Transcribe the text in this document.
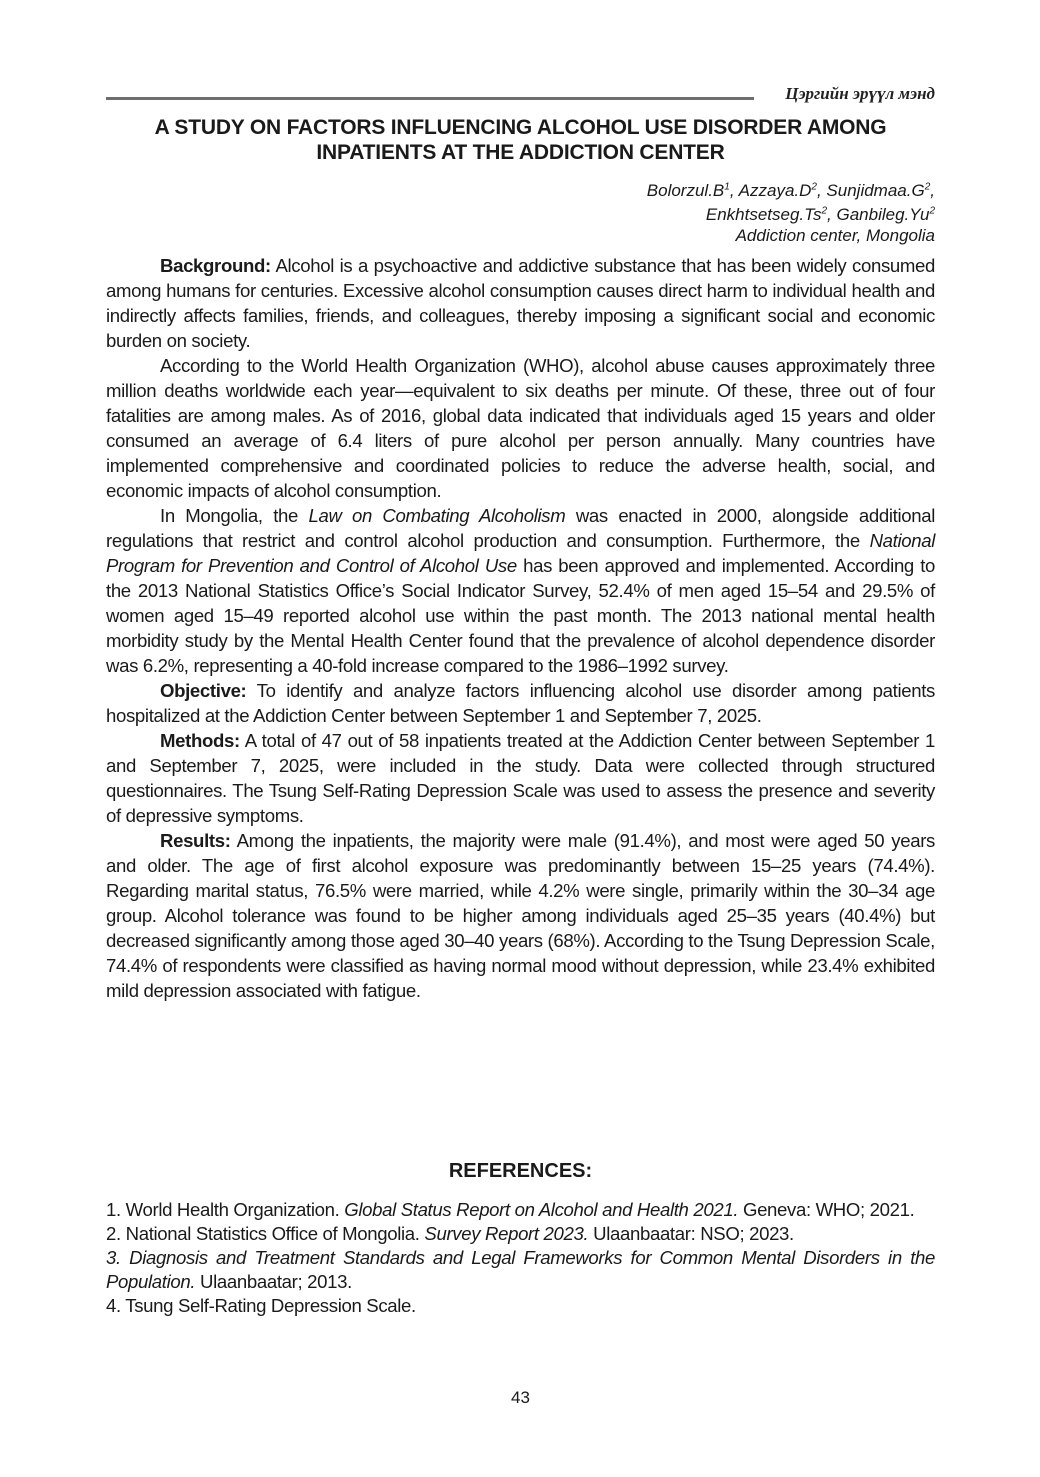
Цэргийн эрүүл мэнд
A STUDY ON FACTORS INFLUENCING ALCOHOL USE DISORDER AMONG INPATIENTS AT THE ADDICTION CENTER
$Bolorzul.B^1$, $Azzaya.D^2$, $Sunjidmaa.G^2$,
Enkhtsetseg.Ts$^2$, Ganbileg.Yu$^2$
Addiction center, Mongolia

Background: Alcohol is a psychoactive and addictive substance that has been widely consumed among humans for centuries. Excessive alcohol consumption causes direct harm to individual health and indirectly affects families, friends, and colleagues, thereby imposing a significant social and economic burden on society.

According to the World Health Organization (WHO), alcohol abuse causes approximately three million deaths worldwide each year—equivalent to six deaths per minute. Of these, three out of four fatalities are among males. As of 2016, global data indicated that individuals aged 15 years and older consumed an average of 6.4 liters of pure alcohol per person annually. Many countries have implemented comprehensive and coordinated policies to reduce the adverse health, social, and economic impacts of alcohol consumption.

In Mongolia, the Law on Combating Alcoholism was enacted in 2000, alongside additional regulations that restrict and control alcohol production and consumption. Furthermore, the National Program for Prevention and Control of Alcohol Use has been approved and implemented. According to the 2013 National Statistics Office’s Social Indicator Survey, 52.4% of men aged 15–54 and 29.5% of women aged 15–49 reported alcohol use within the past month. The 2013 national mental health morbidity study by the Mental Health Center found that the prevalence of alcohol dependence disorder was 6.2%, representing a 40-fold increase compared to the 1986–1992 survey.

Objective: To identify and analyze factors influencing alcohol use disorder among patients hospitalized at the Addiction Center between September 1 and September 7, 2025.

Methods: A total of 47 out of 58 inpatients treated at the Addiction Center between September 1 and September 7, 2025, were included in the study. Data were collected through structured questionnaires. The Tsung Self-Rating Depression Scale was used to assess the presence and severity of depressive symptoms.

Results: Among the inpatients, the majority were male (91.4%), and most were aged 50 years and older. The age of first alcohol exposure was predominantly between 15–25 years (74.4%). Regarding marital status, 76.5% were married, while 4.2% were single, primarily within the 30–34 age group. Alcohol tolerance was found to be higher among individuals aged 25–35 years (40.4%) but decreased significantly among those aged 30–40 years (68%). According to the Tsung Depression Scale, 74.4% of respondents were classified as having normal mood without depression, while 23.4% exhibited mild depression associated with fatigue.

REFERENCES:

1. World Health Organization. Global Status Report on Alcohol and Health 2021. Geneva: WHO; 2021.

2. National Statistics Office of Mongolia. Survey Report 2023. Ulaanbaatar: NSO; 2023.

3. Diagnosis and Treatment Standards and Legal Frameworks for Common Mental Disorders in the Population. Ulaanbaatar; 2013.

4. Tsung Self-Rating Depression Scale.

43
